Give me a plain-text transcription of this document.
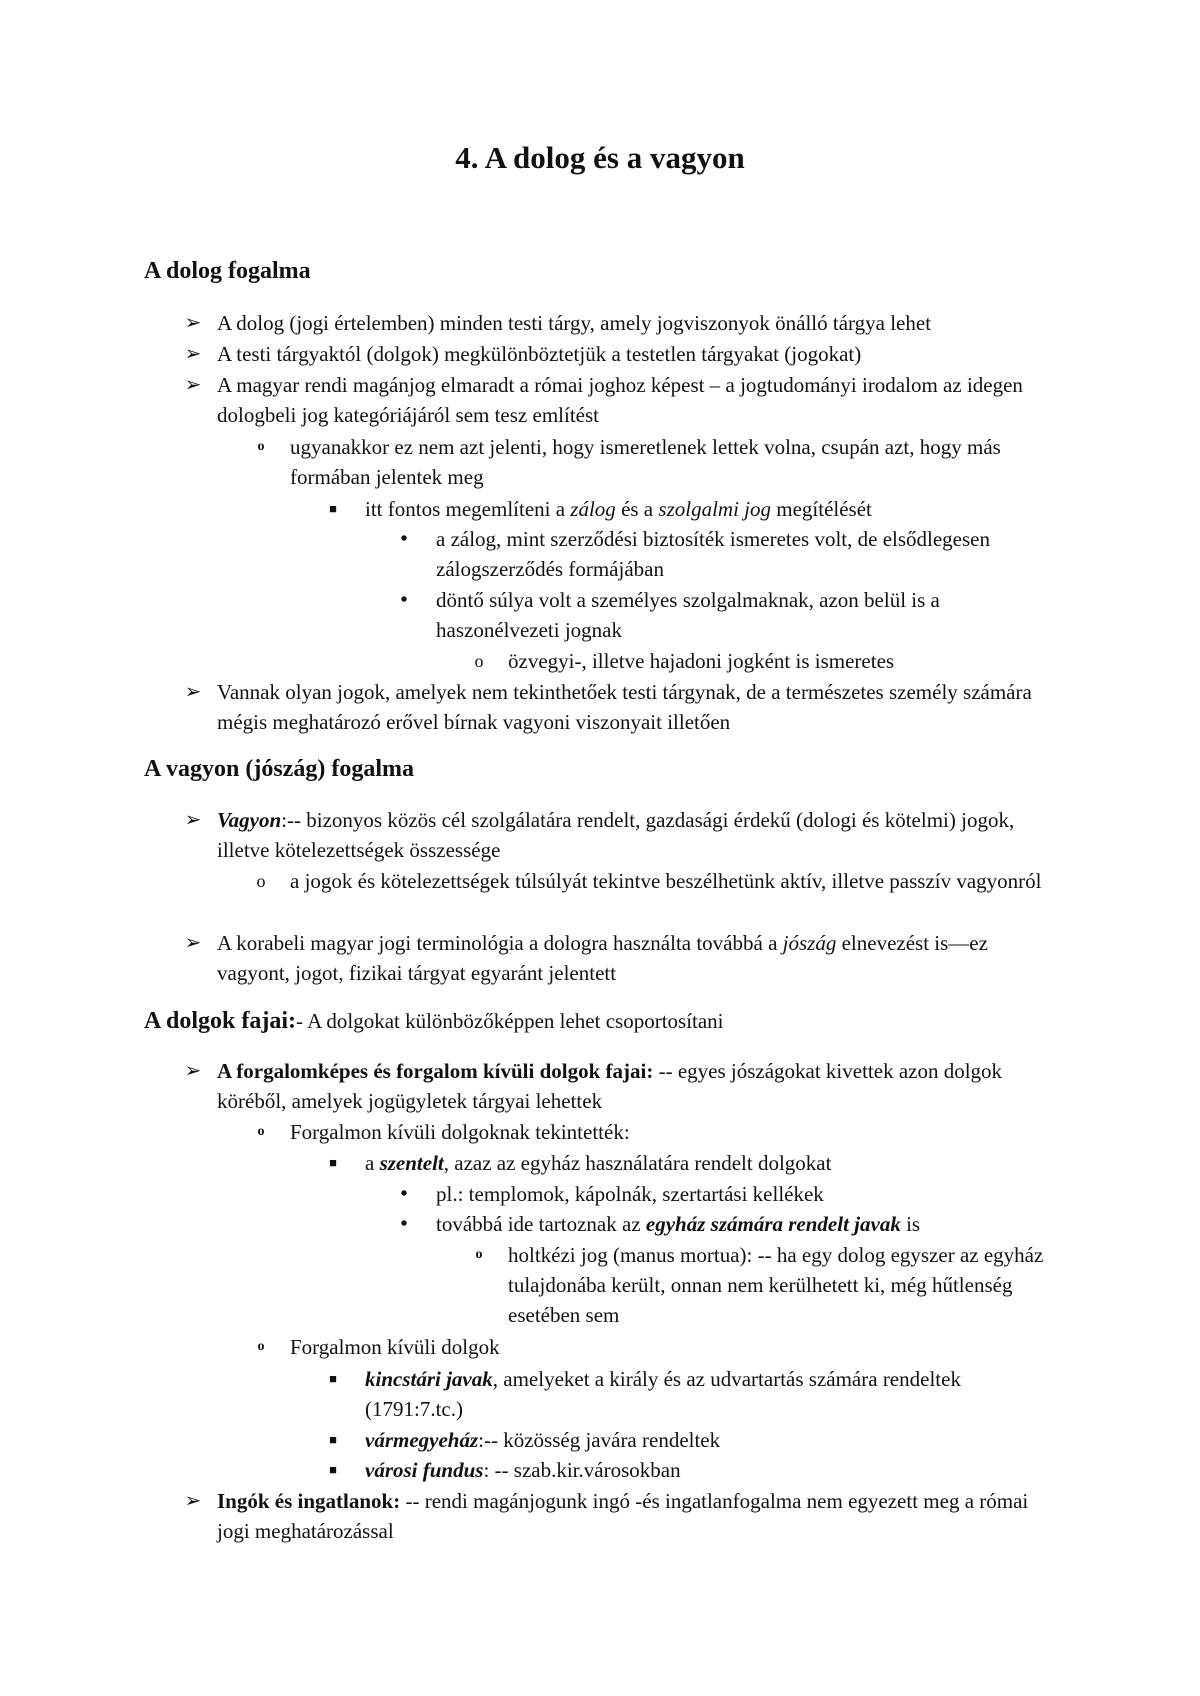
4. A dolog és a vagyon
A dolog fogalma
➢ A dolog (jogi értelemben) minden testi tárgy, amely jogviszonyok önálló tárgya lehet
➢ A testi tárgyaktól (dolgok) megkülönböztetjük a testetlen tárgyakat (jogokat)
➢ A magyar rendi magánjog elmaradt a római joghoz képest – a jogtudományi irodalom az idegen dologbeli jog kategóriájáról sem tesz említést
o	ugyanakkor ez nem azt jelenti, hogy ismeretlenek lettek volna, csupán azt, hogy más formában jelentek meg
■	itt fontos megemlíteni a zálog és a szolgalmi jog megítélését
•	a zálog, mint szerződési biztosíték ismeretes volt, de elsődlegesen zálogszerződés formájában
•	döntő súlya volt a személyes szolgalmaknak, azon belül is a haszonélvezeti jognak
o	özvegyi-, illetve hajadoni jogként is ismeretes
➢ Vannak olyan jogok, amelyek nem tekinthetőek testi tárgynak, de a természetes személy számára mégis meghatározó erővel bírnak vagyoni viszonyait illetően
A vagyon (jószág) fogalma
➢ Vagyon:-- bizonyos közös cél szolgálatára rendelt, gazdasági érdekű (dologi és kötelmi) jogok, illetve kötelezettségek összessége
o	a jogok és kötelezettségek túlsúlyát tekintve beszélhetünk aktív, illetve passzív vagyonról
➢ A korabeli magyar jogi terminológia a dologra használta továbbá a jószág elnevezést is—ez vagyont, jogot, fizikai tárgyat egyaránt jelentett
A dolgok fajai:- A dolgokat különbözőképpen lehet csoportosítani
➢ A forgalomképes és forgalom kívüli dolgok fajai: -- egyes jószágokat kivettek azon dolgok köréből, amelyek jogügyletek tárgyai lehettek
o	Forgalmon kívüli dolgoknak tekintették:
■	a szentelt, azaz az egyház használatára rendelt dolgokat
•	pl.: templomok, kápolnák, szertartási kellékek
•	továbbá ide tartoznak az egyház számára rendelt javak is
o	holtkézi jog (manus mortua): -- ha egy dolog egyszer az egyház tulajdonába került, onnan nem kerülhetett ki, még hűtlenség esetében sem
o	Forgalmon kívüli dolgok
■	kincstári javak, amelyeket a király és az udvartartás számára rendeltek (1791:7.tc.)
■	vármegyeház:-- közösség javára rendeltek
■	városi fundus: -- szab.kir.városokban
➢ Ingók és ingatlanok: -- rendi magánjogunk ingó -és ingatlanfogalma nem egyezett meg a római jogi meghatározással
